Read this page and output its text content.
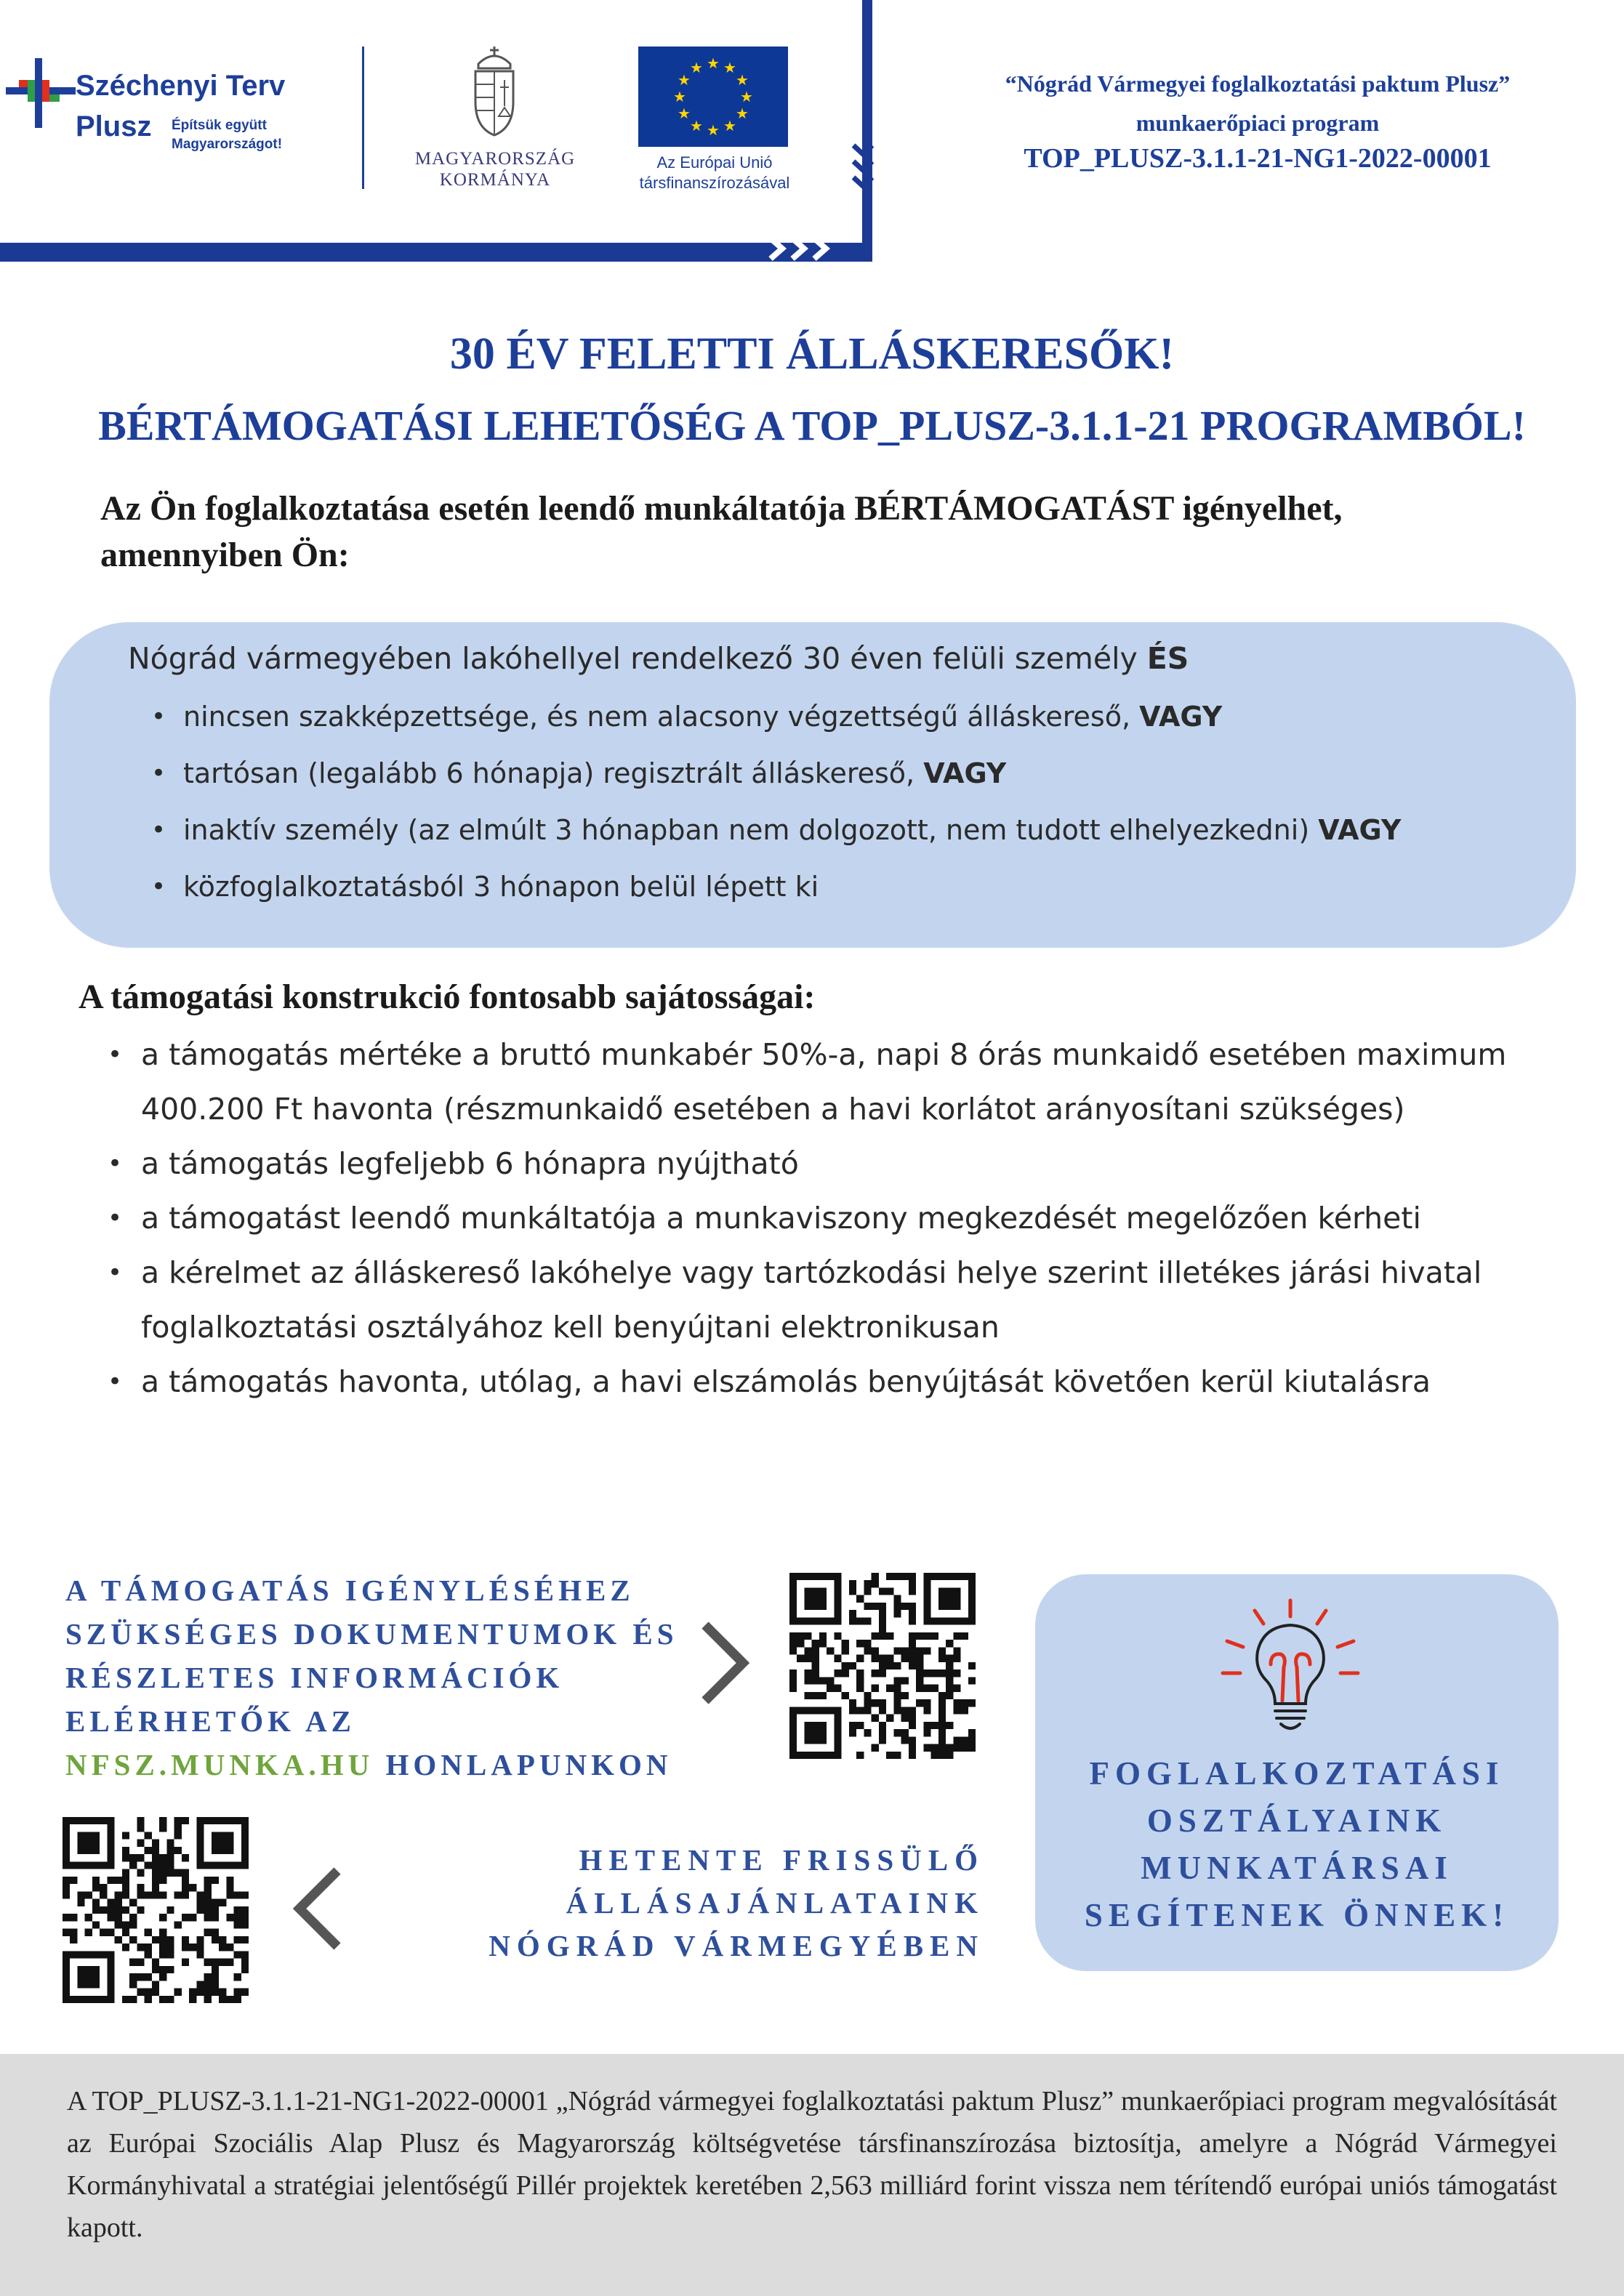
Széchenyi Terv
Plusz Építsük együtt
Magyarországot!
MAGYARORSZÁG
KORMÁNYA
★ ★
★
★
★
★
★
★
★
★
★
★
Az Európai Unió
társfinanszírozásával
“Nógrád Vármegyei foglalkoztatási paktum Plusz”
munkaerőpiaci program
TOP_PLUSZ-3.1.1-21-NG1-2022-00001
30 ÉV FELETTI ÁLLÁSKERESŐK!
BÉRTÁMOGATÁSI LEHETŐSÉG A TOP_PLUSZ-3.1.1-21 PROGRAMBÓL!
Az Ön foglalkoztatása esetén leendő munkáltatója BÉRTÁMOGATÁST igényelhet, amennyiben Ön:
Nógrád vármegyében lakóhellyel rendelkező 30 éven felüli személy ÉS
• nincsen szakképzettsége, és nem alacsony végzettségű álláskereső, VAGY
• tartósan (legalább 6 hónapja) regisztrált álláskereső, VAGY
• inaktív személy (az elmúlt 3 hónapban nem dolgozott, nem tudott elhelyezkedni) VAGY
• közfoglalkoztatásból 3 hónapon belül lépett ki
A támogatási konstrukció fontosabb sajátosságai:
• a támogatás mértéke a bruttó munkabér 50%-a, napi 8 órás munkaidő esetében maximum 400.200 Ft havonta (részmunkaidő esetében a havi korlátot arányosítani szükséges)
• a támogatás legfeljebb 6 hónapra nyújtható
• a támogatást leendő munkáltatója a munkaviszony megkezdését megelőzően kérheti
• a kérelmet az álláskereső lakóhelye vagy tartózkodási helye szerint illetékes járási hivatal foglalkoztatási osztályához kell benyújtani elektronikusan
• a támogatás havonta, utólag, a havi elszámolás benyújtását követően kerül kiutalásra
A TÁMOGATÁS IGÉNYLÉSÉHEZ
SZÜKSÉGES DOKUMENTUMOK ÉS
RÉSZLETES INFORMÁCIÓK
ELÉRHETŐK AZ
NFSZ.MUNKA.HU HONLAPUNKON
HETENTE FRISSÜLŐ
ÁLLÁSAJÁNLATAINK
NÓGRÁD VÁRMEGYÉBEN
FOGLALKOZTATÁSI
OSZTÁLYAINK
MUNKATÁRSAI
SEGÍTENEK ÖNNEK!
A TOP_PLUSZ-3.1.1-21-NG1-2022-00001 „Nógrád vármegyei foglalkoztatási paktum Plusz” munkaerőpiaci program megvalósítását az Európai Szociális Alap Plusz és Magyarország költségvetése társfinanszírozása biztosítja, amelyre a Nógrád Vármegyei Kormányhivatal a stratégiai jelentőségű Pillér projektek keretében 2,563 milliárd forint vissza nem térítendő európai uniós támogatást kapott.
